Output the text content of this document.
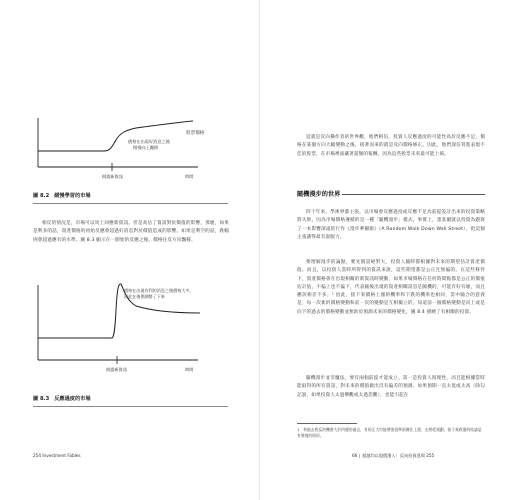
股票價格
價格在出現好消息之後
慢慢向上飄移
揭露新資訊	時間
圖 8.2 緩慢學習的市場
相反的情況是，市場可以馬上回應新資訊。但是高估了資訊對於價值的影響，那麼，如果是利多的話，資產價格的初始反應會超過好消息對於價值造成的影響。如果是利空的話，跌幅則會超過應有的水準。圖 8.3 顯示在一開始的反應之後，價格往反方向飄移。
價格在出現有利的消息之後價格大多，
因此在後期調整了下來
揭露新資訊	時間
圖 8.3 反應過度的市場
254 Investment Fables
這就是反向操作者的世界觀，他們相信，投資人反應過度的可能性高於反應不足，價格在某個方向大幅變動之後，接著而來的就是反向價格修正。因此，他們深信買進表現不佳的股票，在市場裡面藏著超額的報酬，因為這些股票未來最可能上揚。
隨機漫步的世界
四十年來，學術界都主張，以市場會反應過度或反應不足為前提設計出來的投資策略將失敗，因為市場價格遵循的是一種「隨機漫步」模式。事實上，墨基爾就以投資為題寫了一本影響深遠的巨作《漫步華爾街》（A Random Walk Down Wall Street），把這個主張講得最有說服力。
要理解漫步的論點，要先假設絕對大，投資人隨時都根據對未來的期望估計資產價值。而且，以投資人當時所得到的資訊來說，這些期望都是公正且無偏的。在這些條件下，資產價格會在出現相關的新資訊時變動，如果市場價格在任何時間點都是公正的價值估計值，不偏上也不偏下，代表隨後出現的資產相關訊息是隨機的，可能有好有壞，而且應該相差不多。¹ 因此，接下來價格上漲的機率和下跌的機率也相同，當中隨合的意義是，每一次新的價格變動和前一次的變動是互相獨立的。知道前一個價格變動是向上或是向下的過去的價格變動並無助於預測未來的價格變化，圖 8.4 描繪了有相關的投資。
隨機漫步並非魔法，要有兩個前提才能成立。第一是投資人很理性，而且能根據當時能取得的所有資訊，對未來的價值做出沒有偏差的預測。如果預期一直太低或太高（除勾記說，如果投資人太過樂觀或太過悲觀），也能引起在
1　和過去相反的機會大於四邊的過去，有的正大均能增值很準預備往上漲，走相從規劃，接下來跌漲的結論是有增值的情形。
66 ∣ 超越均以股價漲入！反向投資達與 255
